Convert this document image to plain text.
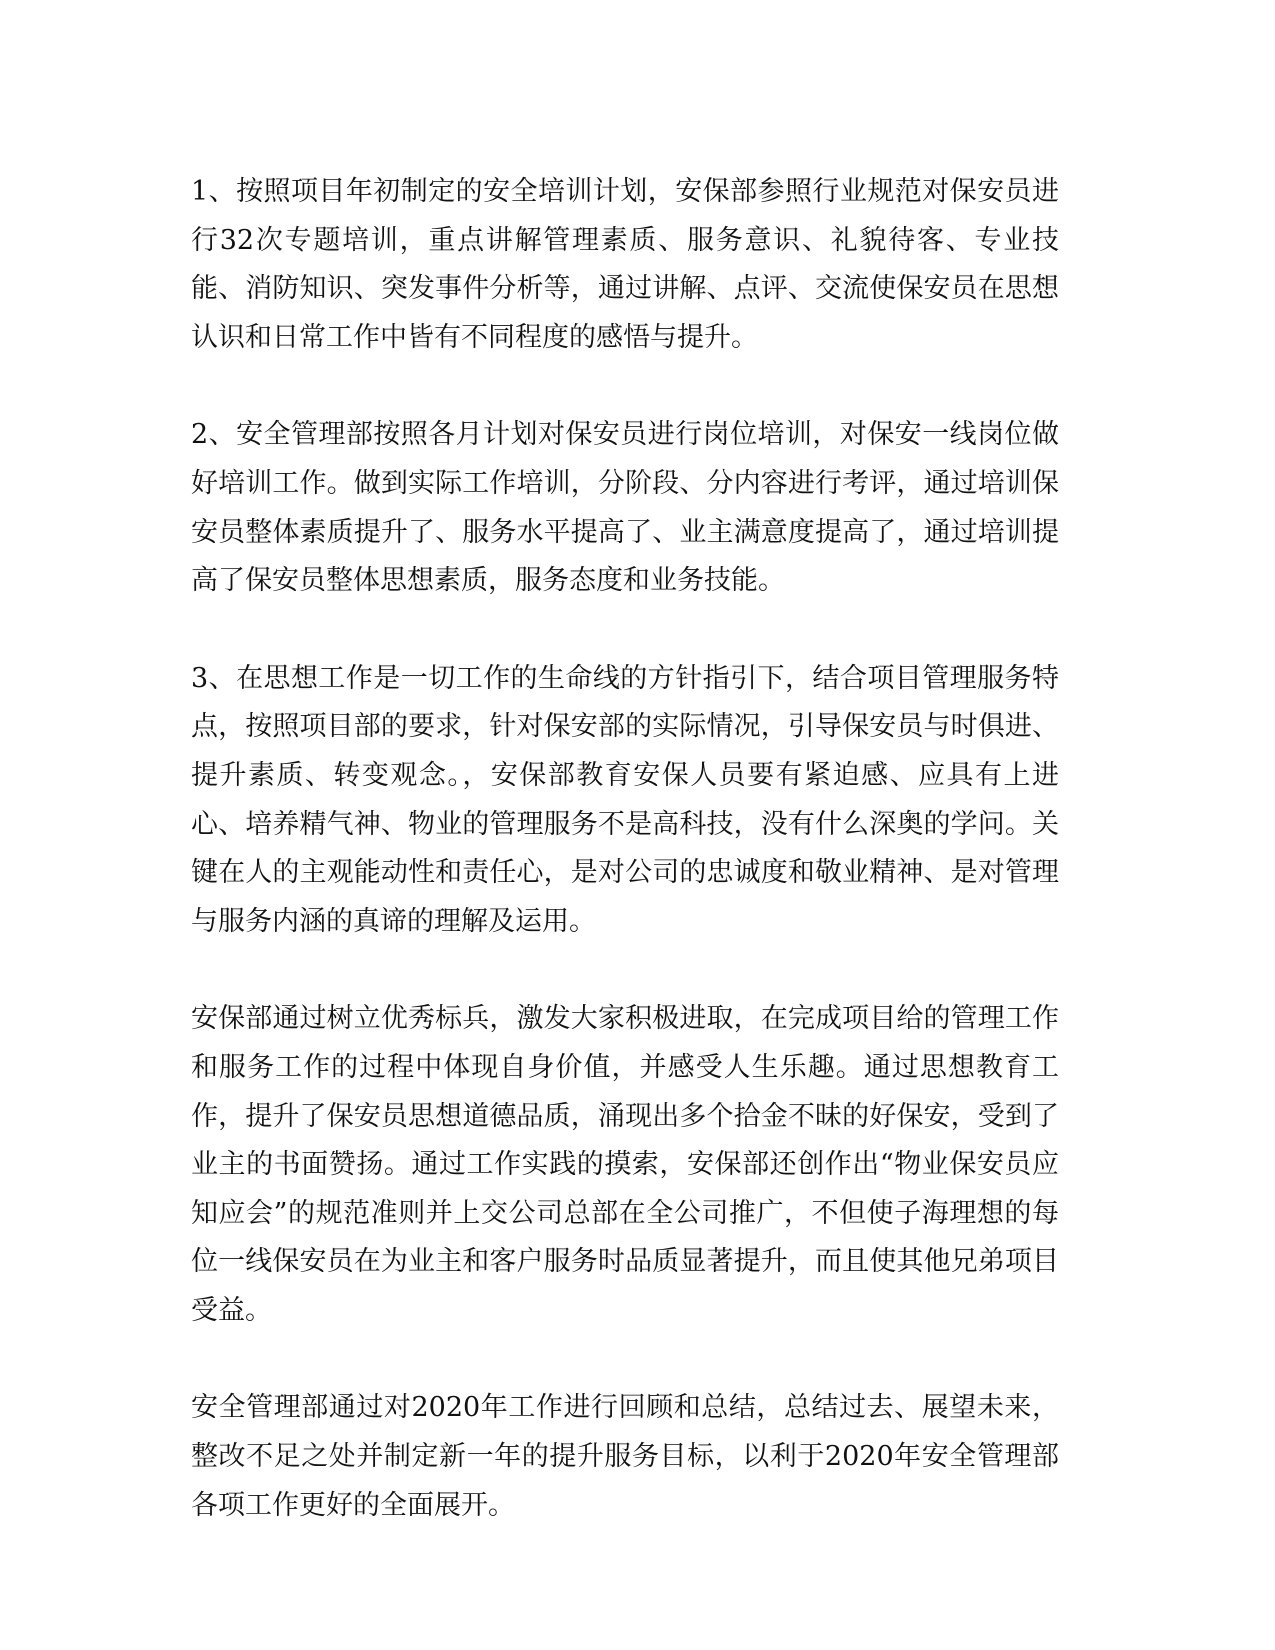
1、按照项目年初制定的安全培训计划，安保部参照行业规范对保安员进行32次专题培训，重点讲解管理素质、服务意识、礼貌待客、专业技能、消防知识、突发事件分析等，通过讲解、点评、交流使保安员在思想认识和日常工作中皆有不同程度的感悟与提升。

2、安全管理部按照各月计划对保安员进行岗位培训，对保安一线岗位做好培训工作。做到实际工作培训，分阶段、分内容进行考评，通过培训保安员整体素质提升了、服务水平提高了、业主满意度提高了，通过培训提高了保安员整体思想素质，服务态度和业务技能。

3、在思想工作是一切工作的生命线的方针指引下，结合项目管理服务特点，按照项目部的要求，针对保安部的实际情况，引导保安员与时俱进、提升素质、转变观念。，安保部教育安保人员要有紧迫感、应具有上进心、培养精气神、物业的管理服务不是高科技，没有什么深奥的学问。关键在人的主观能动性和责任心，是对公司的忠诚度和敬业精神、是对管理与服务内涵的真谛的理解及运用。

安保部通过树立优秀标兵，激发大家积极进取，在完成项目给的管理工作和服务工作的过程中体现自身价值，并感受人生乐趣。通过思想教育工作，提升了保安员思想道德品质，涌现出多个拾金不昧的好保安，受到了业主的书面赞扬。通过工作实践的摸索，安保部还创作出“物业保安员应知应会”的规范准则并上交公司总部在全公司推广，不但使子海理想的每位一线保安员在为业主和客户服务时品质显著提升，而且使其他兄弟项目受益。

安全管理部通过对2020年工作进行回顾和总结，总结过去、展望未来，整改不足之处并制定新一年的提升服务目标，以利于2020年安全管理部各项工作更好的全面展开。
